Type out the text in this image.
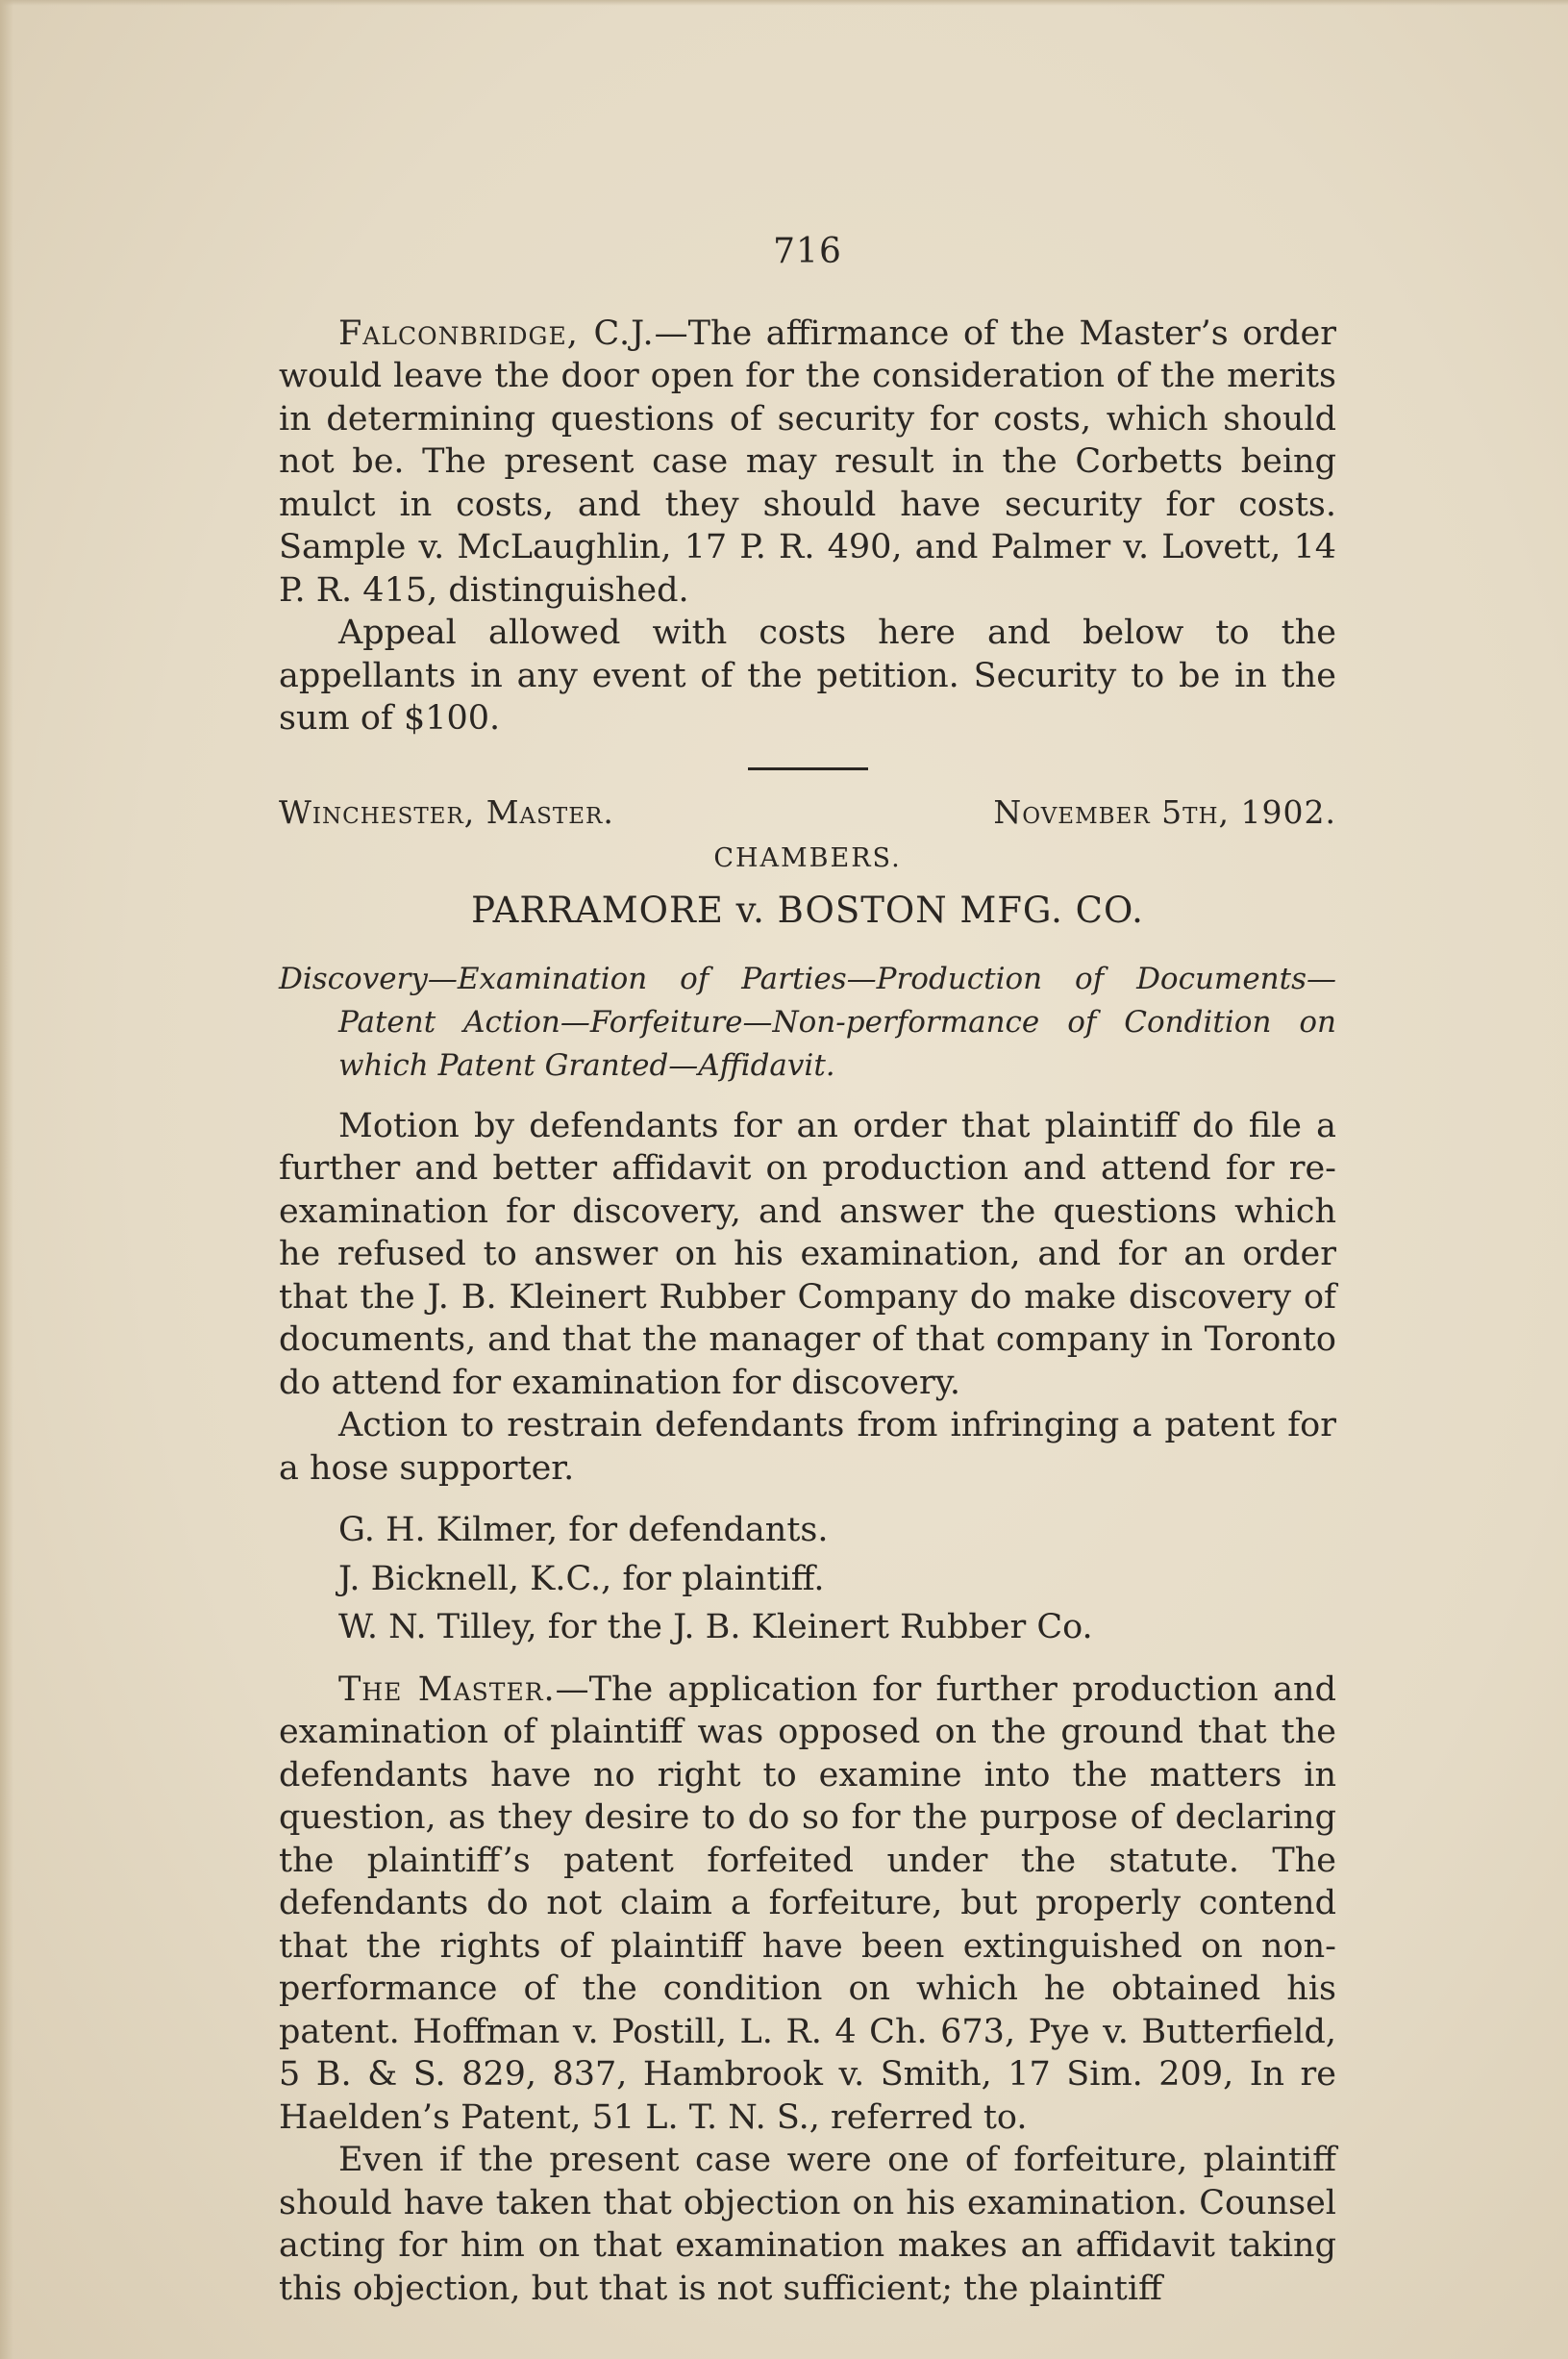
716

Falconbridge, C.J.—The affirmance of the Master’s order would leave the door open for the consideration of the merits in determining questions of security for costs, which should not be. The present case may result in the Corbetts being mulct in costs, and they should have security for costs. Sample v. McLaughlin, 17 P. R. 490, and Palmer v. Lovett, 14 P. R. 415, distinguished.

Appeal allowed with costs here and below to the appellants in any event of the petition. Security to be in the sum of $100.

Winchester, Master.	November 5th, 1902.
CHAMBERS.
PARRAMORE v. BOSTON MFG. CO.
Discovery—Examination of Parties—Production of Documents—Patent Action—Forfeiture—Non-performance of Condition on which Patent Granted—Affidavit.

Motion by defendants for an order that plaintiff do file a further and better affidavit on production and attend for re-examination for discovery, and answer the questions which he refused to answer on his examination, and for an order that the J. B. Kleinert Rubber Company do make discovery of documents, and that the manager of that company in Toronto do attend for examination for discovery.

Action to restrain defendants from infringing a patent for a hose supporter.

G. H. Kilmer, for defendants.
J. Bicknell, K.C., for plaintiff.
W. N. Tilley, for the J. B. Kleinert Rubber Co.

The Master.—The application for further production and examination of plaintiff was opposed on the ground that the defendants have no right to examine into the matters in question, as they desire to do so for the purpose of declaring the plaintiff’s patent forfeited under the statute. The defendants do not claim a forfeiture, but properly contend that the rights of plaintiff have been extinguished on non-performance of the condition on which he obtained his patent. Hoffman v. Postill, L. R. 4 Ch. 673, Pye v. Butterfield, 5 B. & S. 829, 837, Hambrook v. Smith, 17 Sim. 209, In re Haelden’s Patent, 51 L. T. N. S., referred to.

Even if the present case were one of forfeiture, plaintiff should have taken that objection on his examination. Counsel acting for him on that examination makes an affidavit taking this objection, but that is not sufficient; the plaintiff
